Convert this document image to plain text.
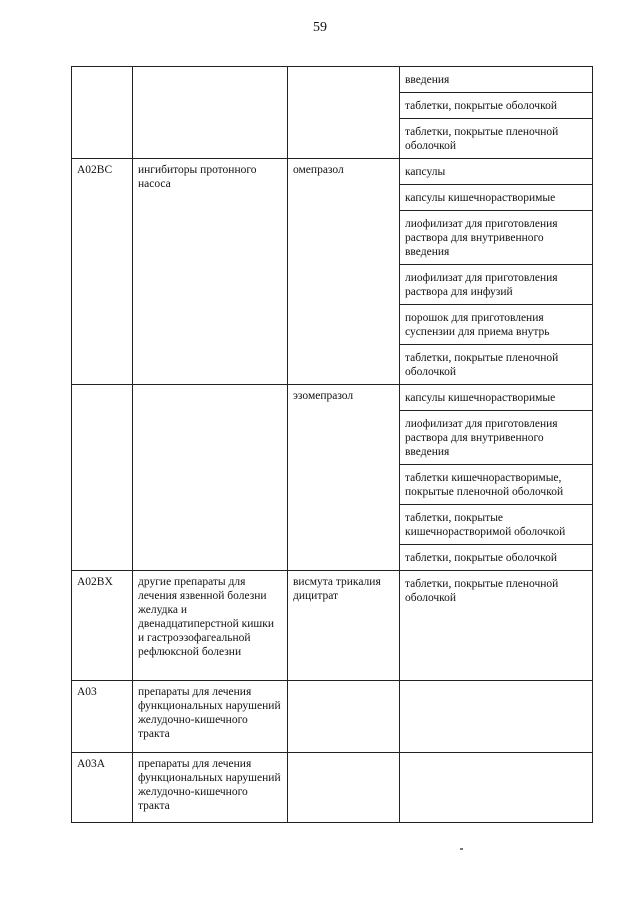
59
			введения
			таблетки, покрытые оболочкой
			таблетки, покрытые пленочной оболочкой
A02BC	ингибиторы протонного насоса	омепразол	капсулы
			капсулы кишечнорастворимые
			лиофилизат для приготовления раствора для внутривенного введения
			лиофилизат для приготовления раствора для инфузий
			порошок для приготовления суспензии для приема внутрь
			таблетки, покрытые пленочной оболочкой
		эзомепразол	капсулы кишечнорастворимые
			лиофилизат для приготовления раствора для внутривенного введения
			таблетки кишечнорастворимые, покрытые пленочной оболочкой
			таблетки, покрытые кишечнорастворимой оболочкой
			таблетки, покрытые оболочкой
A02BX	другие препараты для лечения язвенной болезни желудка и двенадцатиперстной кишки и гастроэзофагеальной рефлюксной болезни	висмута трикалия дицитрат	таблетки, покрытые пленочной оболочкой
A03	препараты для лечения функциональных нарушений желудочно-кишечного тракта		
A03A	препараты для лечения функциональных нарушений желудочно-кишечного тракта		
